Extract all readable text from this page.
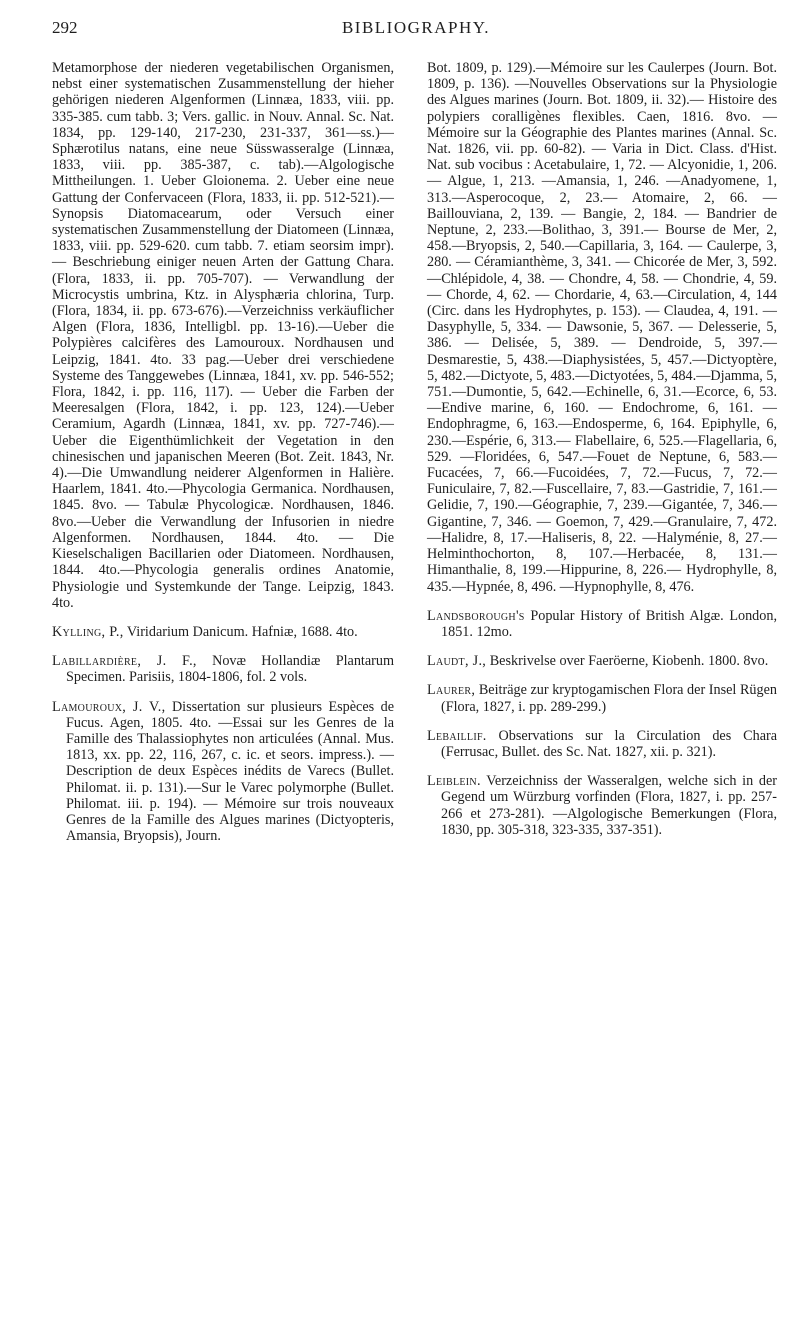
292	BIBLIOGRAPHY.

Metamorphose der niederen vegetabilischen Organismen, nebst einer systematischen Zusammenstellung der hieher gehörigen niederen Algenformen (Linnæa, 1833, viii. pp. 335-385. cum tabb. 3; Vers. gallic. in Nouv. Annal. Sc. Nat. 1834, pp. 129-140, 217-230, 231-337, 361—ss.)—Sphærotilus natans, eine neue Süsswasseralge (Linnæa, 1833, viii. pp. 385-387, c. tab).—Algologische Mittheilungen. 1. Ueber Gloionema. 2. Ueber eine neue Gattung der Confervaceen (Flora, 1833, ii. pp. 512-521).—Synopsis Diatomacearum, oder Versuch einer systematischen Zusammenstellung der Diatomeen (Linnæa, 1833, viii. pp. 529-620. cum tabb. 7. etiam seorsim impr). — Beschriebung einiger neuen Arten der Gattung Chara. (Flora, 1833, ii. pp. 705-707). — Verwandlung der Microcystis umbrina, Ktz. in Alysphæria chlorina, Turp. (Flora, 1834, ii. pp. 673-676).—Verzeichniss verkäuflicher Algen (Flora, 1836, Intelligbl. pp. 13-16).—Ueber die Polypières calcifères des Lamouroux. Nordhausen und Leipzig, 1841. 4to. 33 pag.—Ueber drei verschiedene Systeme des Tanggewebes (Linnæa, 1841, xv. pp. 546-552; Flora, 1842, i. pp. 116, 117). — Ueber die Farben der Meeresalgen (Flora, 1842, i. pp. 123, 124).—Ueber Ceramium, Agardh (Linnæa, 1841, xv. pp. 727-746).—Ueber die Eigenthümlichkeit der Vegetation in den chinesischen und japanischen Meeren (Bot. Zeit. 1843, Nr. 4).—Die Umwandlung neiderer Algenformen in Halière. Haarlem, 1841. 4to.—Phycologia Germanica. Nordhausen, 1845. 8vo. — Tabulæ Phycologicæ. Nordhausen, 1846. 8vo.—Ueber die Verwandlung der Infusorien in niedre Algenformen. Nordhausen, 1844. 4to. — Die Kieselschaligen Bacillarien oder Diatomeen. Nordhausen, 1844. 4to.—Phycologia generalis ordines Anatomie, Physiologie und Systemkunde der Tange. Leipzig, 1843. 4to.

Kylling, P., Viridarium Danicum. Hafniæ, 1688. 4to.

Labillardière, J. F., Novæ Hollandiæ Plantarum Specimen. Parisiis, 1804-1806, fol. 2 vols.

Lamouroux, J. V., Dissertation sur plusieurs Espèces de Fucus. Agen, 1805. 4to. —Essai sur les Genres de la Famille des Thalassiophytes non articulées (Annal. Mus. 1813, xx. pp. 22, 116, 267, c. ic. et seors. impress.). — Description de deux Espèces inédits de Varecs (Bullet. Philomat. ii. p. 131).—Sur le Varec polymorphe (Bullet. Philomat. iii. p. 194). — Mémoire sur trois nouveaux Genres de la Famille des Algues marines (Dictyopteris, Amansia, Bryopsis), Journ.

Bot. 1809, p. 129).—Mémoire sur les Caulerpes (Journ. Bot. 1809, p. 136). —Nouvelles Observations sur la Physiologie des Algues marines (Journ. Bot. 1809, ii. 32).— Histoire des polypiers coralligènes flexibles. Caen, 1816. 8vo. —Mémoire sur la Géographie des Plantes marines (Annal. Sc. Nat. 1826, vii. pp. 60-82). — Varia in Dict. Class. d'Hist. Nat. sub vocibus : Acetabulaire, 1, 72. — Alcyonidie, 1, 206. — Algue, 1, 213. —Amansia, 1, 246. —Anadyomene, 1, 313.—Asperocoque, 2, 23.— Atomaire, 2, 66. — Baillouviana, 2, 139. — Bangie, 2, 184. — Bandrier de Neptune, 2, 233.—Bolithao, 3, 391.— Bourse de Mer, 2, 458.—Bryopsis, 2, 540.—Capillaria, 3, 164. — Caulerpe, 3, 280. — Céramianthème, 3, 341. — Chicorée de Mer, 3, 592. —Chlépidole, 4, 38. — Chondre, 4, 58. — Chondrie, 4, 59. — Chorde, 4, 62. — Chordarie, 4, 63.—Circulation, 4, 144 (Circ. dans les Hydrophytes, p. 153). — Claudea, 4, 191. — Dasyphylle, 5, 334. — Dawsonie, 5, 367. — Delesserie, 5, 386. — Delisée, 5, 389. — Dendroide, 5, 397.— Desmarestie, 5, 438.—Diaphysistées, 5, 457.—Dictyoptère, 5, 482.—Dictyote, 5, 483.—Dictyotées, 5, 484.—Djamma, 5, 751.—Dumontie, 5, 642.—Echinelle, 6, 31.—Ecorce, 6, 53.—Endive marine, 6, 160. — Endochrome, 6, 161. — Endophragme, 6, 163.—Endosperme, 6, 164. Epiphylle, 6, 230.—Espérie, 6, 313.— Flabellaire, 6, 525.—Flagellaria, 6, 529. —Floridées, 6, 547.—Fouet de Neptune, 6, 583.—Fucacées, 7, 66.—Fucoidées, 7, 72.—Fucus, 7, 72.—Funiculaire, 7, 82.—Fuscellaire, 7, 83.—Gastridie, 7, 161.—Gelidie, 7, 190.—Géographie, 7, 239.—Gigantée, 7, 346.—Gigantine, 7, 346. — Goemon, 7, 429.—Granulaire, 7, 472.—Halidre, 8, 17.—Haliseris, 8, 22. —Halyménie, 8, 27.—Helminthochorton, 8, 107.—Herbacée, 8, 131.—Himanthalie, 8, 199.—Hippurine, 8, 226.— Hydrophylle, 8, 435.—Hypnée, 8, 496. —Hypnophylle, 8, 476.

Landsborough's Popular History of British Algæ. London, 1851. 12mo.

Laudt, J., Beskrivelse over Faeröerne, Kiobenh. 1800. 8vo.

Laurer, Beiträge zur kryptogamischen Flora der Insel Rügen (Flora, 1827, i. pp. 289-299.)

Lebaillif. Observations sur la Circulation des Chara (Ferrusac, Bullet. des Sc. Nat. 1827, xii. p. 321).

Leiblein. Verzeichniss der Wasseralgen, welche sich in der Gegend um Würzburg vorfinden (Flora, 1827, i. pp. 257-266 et 273-281). —Algologische Bemerkungen (Flora, 1830, pp. 305-318, 323-335, 337-351).
